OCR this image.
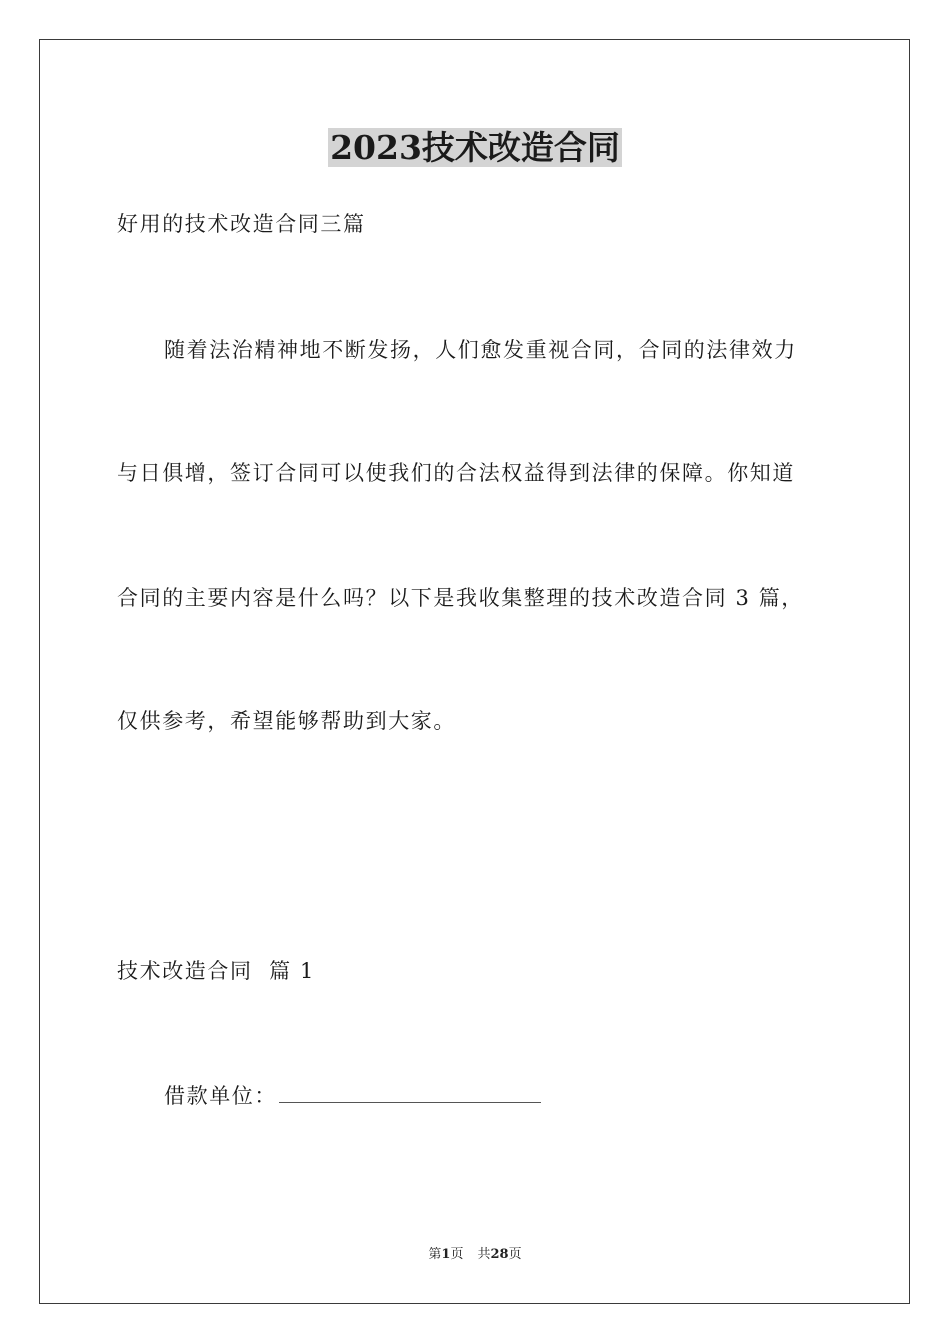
2023技术改造合同
好用的技术改造合同三篇
随着法治精神地不断发扬，人们愈发重视合同，合同的法律效力
与日俱增，签订合同可以使我们的合法权益得到法律的保障。你知道
合同的主要内容是什么吗？以下是我收集整理的技术改造合同 3 篇，
仅供参考，希望能够帮助到大家。
技术改造合同  篇 1
借款单位：
第1页 共28页
